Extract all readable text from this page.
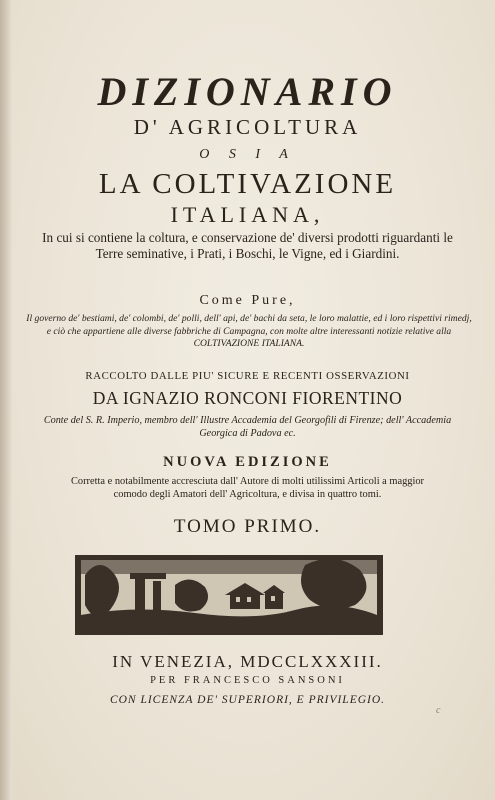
DIZIONARIO
D' AGRICOLTURA
O S I A
LA COLTIVAZIONE
ITALIANA,
In cui si contiene la coltura, e conservazione de' diversi prodotti riguardanti le Terre seminative, i Prati, i Boschi, le Vigne, ed i Giardini.
Come Pure,
Il governo de' bestiami, de' colombi, de' polli, dell' api, de' bachi da seta, le loro malattie, ed i loro rispettivi rimedj, e ciò che appartiene alle diverse fabbriche di Campagna, con molte altre interessanti notizie relative alla COLTIVAZIONE ITALIANA.
RACCOLTO DALLE PIU' SICURE E RECENTI OSSERVAZIONI
DA IGNAZIO RONCONI FIORENTINO
Conte del S. R. Imperio, membro dell' Illustre Accademia del Georgofili di Firenze; dell' Accademia Georgica di Padova ec.
NUOVA EDIZIONE
Corretta e notabilmente accresciuta dall' Autore di molti utilissimi Articoli a maggior comodo degli Amatori dell' Agricoltura, e divisa in quattro tomi.
TOMO PRIMO.
IN VENEZIA, MDCCLXXXIII.
PER FRANCESCO SANSONI
CON LICENZA DE' SUPERIORI, E PRIVILEGIO.
c
